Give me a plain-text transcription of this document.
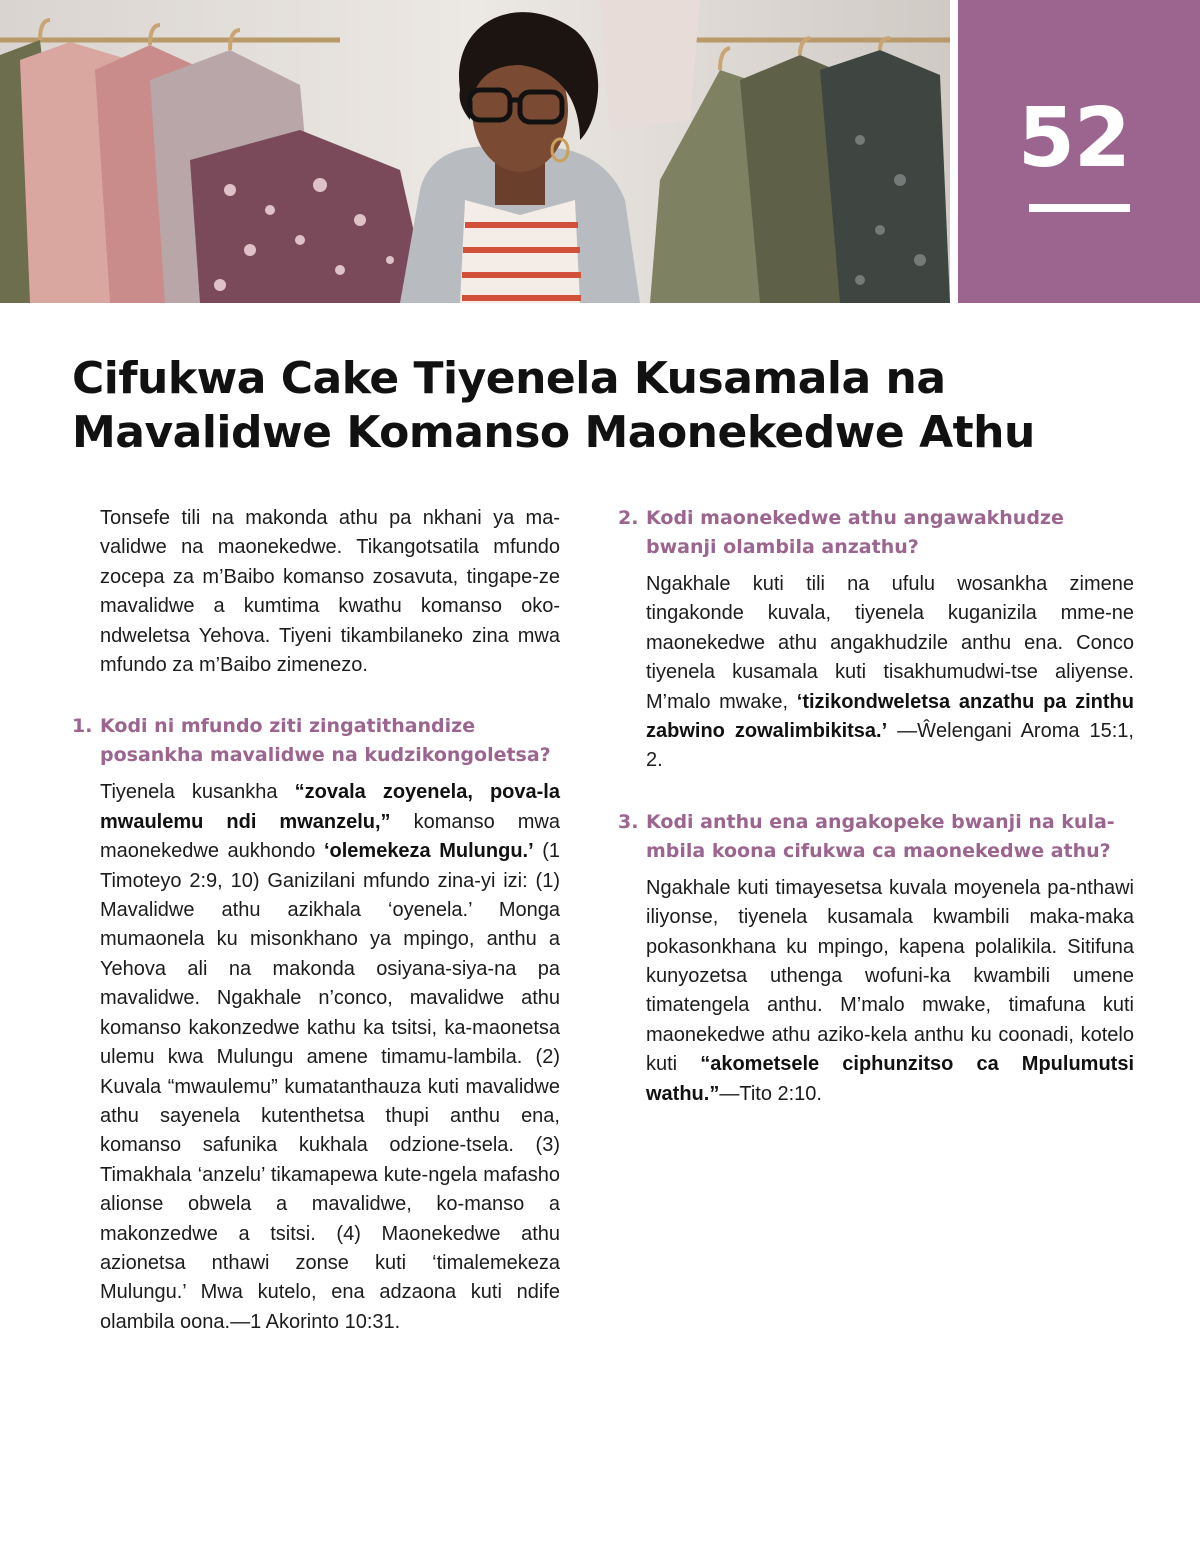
52
Cifukwa Cake Tiyenela Kusamala na Mavalidwe Komanso Maonekedwe Athu

Tonsefe tili na makonda athu pa nkhani ya ma-validwe na maonekedwe. Tikangotsatila mfundo zocepa za m’Baibo komanso zosavuta, tingape-ze mavalidwe a kumtima kwathu komanso oko-ndweletsa Yehova. Tiyeni tikambilaneko zina mwa mfundo za m’Baibo zimenezo.

1. Kodi ni mfundo ziti zingatithandize posankha mavalidwe na kudzikongoletsa?

Tiyenela kusankha “zovala zoyenela, pova-la mwaulemu ndi mwanzelu,” komanso mwa maonekedwe aukhondo ‘olemekeza Mulungu.’ (1 Timoteyo 2:9, 10) Ganizilani mfundo zina-yi izi: (1) Mavalidwe athu azikhala ‘oyenela.’ Monga mumaonela ku misonkhano ya mpingo, anthu a Yehova ali na makonda osiyana-siya-na pa mavalidwe. Ngakhale n’conco, mavalidwe athu komanso kakonzedwe kathu ka tsitsi, ka-maonetsa ulemu kwa Mulungu amene timamu-lambila. (2) Kuvala “mwaulemu” kumatanthauza kuti mavalidwe athu sayenela kutenthetsa thupi anthu ena, komanso safunika kukhala odzione-tsela. (3) Timakhala ‘anzelu’ tikamapewa kute-ngela mafasho alionse obwela a mavalidwe, ko-manso a makonzedwe a tsitsi. (4) Maonekedwe athu azionetsa nthawi zonse kuti ‘timalemekeza Mulungu.’ Mwa kutelo, ena adzaona kuti ndife olambila oona.—1 Akorinto 10:31.

2. Kodi maonekedwe athu angawakhudze bwanji olambila anzathu?

Ngakhale kuti tili na ufulu wosankha zimene tingakonde kuvala, tiyenela kuganizila mme-ne maonekedwe athu angakhudzile anthu ena. Conco tiyenela kusamala kuti tisakhumudwi-tse aliyense. M’malo mwake, ‘tizikondweletsa anzathu pa zinthu zabwino zowalimbikitsa.’ —Ŵelengani Aroma 15:1, 2.

3. Kodi anthu ena angakopeke bwanji na kula-mbila koona cifukwa ca maonekedwe athu?

Ngakhale kuti timayesetsa kuvala moyenela pa-nthawi iliyonse, tiyenela kusamala kwambili maka-maka pokasonkhana ku mpingo, kapena polalikila. Sitifuna kunyozetsa uthenga wofuni-ka kwambili umene timatengela anthu. M’malo mwake, timafuna kuti maonekedwe athu aziko-kela anthu ku coonadi, kotelo kuti “akometsele ciphunzitso ca Mpulumutsi wathu.”—Tito 2:10.
